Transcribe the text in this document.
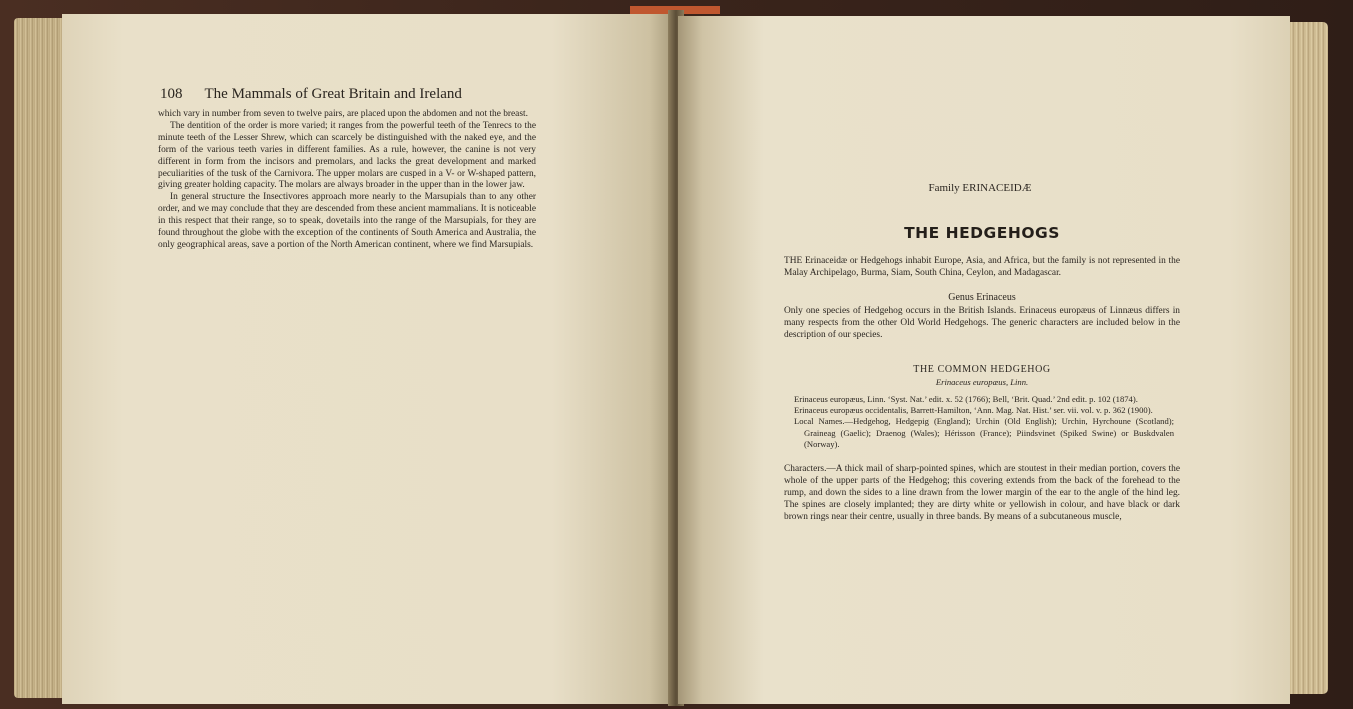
108 The Mammals of Great Britain and Ireland

which vary in number from seven to twelve pairs, are placed upon the abdomen and not the breast.

The dentition of the order is more varied; it ranges from the powerful teeth of the Tenrecs to the minute teeth of the Lesser Shrew, which can scarcely be distinguished with the naked eye, and the form of the various teeth varies in different families. As a rule, however, the canine is not very different in form from the incisors and premolars, and lacks the great development and marked peculiarities of the tusk of the Carnivora. The upper molars are cusped in a V- or W-shaped pattern, giving greater holding capacity. The molars are always broader in the upper than in the lower jaw.

In general structure the Insectivores approach more nearly to the Marsupials than to any other order, and we may conclude that they are descended from these ancient mammalians. It is noticeable in this respect that their range, so to speak, dovetails into the range of the Marsupials, for they are found throughout the globe with the exception of the continents of South America and Australia, the only geographical areas, save a portion of the North American continent, where we find Marsupials.

Family ERINACEIDÆ
THE HEDGEHOGS
THE Erinaceidæ or Hedgehogs inhabit Europe, Asia, and Africa, but the family is not represented in the Malay Archipelago, Burma, Siam, South China, Ceylon, and Madagascar.
Genus Erinaceus
Only one species of Hedgehog occurs in the British Islands. Erinaceus europæus of Linnæus differs in many respects from the other Old World Hedgehogs. The generic characters are included below in the description of our species.
THE COMMON HEDGEHOG
Erinaceus europæus, Linn.

Erinaceus europæus, Linn. ‘Syst. Nat.’ edit. x. 52 (1766); Bell, ‘Brit. Quad.’ 2nd edit. p. 102 (1874).

Erinaceus europæus occidentalis, Barrett-Hamilton, ‘Ann. Mag. Nat. Hist.’ ser. vii. vol. v. p. 362 (1900).

Local Names.—Hedgehog, Hedgepig (England); Urchin (Old English); Urchin, Hyrchoune (Scotland); Graineag (Gaelic); Draenog (Wales); Hérisson (France); Piindsvinet (Spiked Swine) or Buskdvalen (Norway).

Characters.—A thick mail of sharp-pointed spines, which are stoutest in their median portion, covers the whole of the upper parts of the Hedgehog; this covering extends from the back of the forehead to the rump, and down the sides to a line drawn from the lower margin of the ear to the angle of the hind leg. The spines are closely implanted; they are dirty white or yellowish in colour, and have black or dark brown rings near their centre, usually in three bands. By means of a subcutaneous muscle,
